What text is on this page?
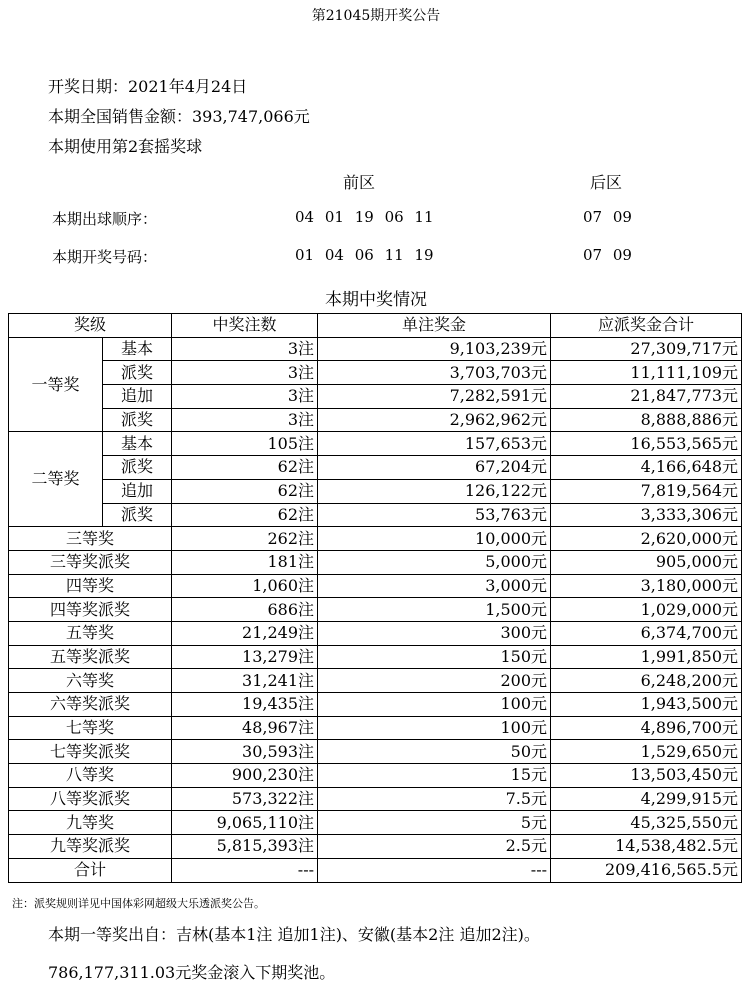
第21045期开奖公告
开奖日期：2021年4月24日
本期全国销售金额：393,747,066元
本期使用第2套摇奖球
前区	后区
本期出球顺序：	04 01 19 06 11	07 09
本期开奖号码：	01 04 06 11 19	07 09
本期中奖情况
奖级		中奖注数	单注奖金	应派奖金合计
一等奖	基本	3注	9,103,239元	27,309,717元
	派奖	3注	3,703,703元	11,111,109元
	追加	3注	7,282,591元	21,847,773元
	派奖	3注	2,962,962元	8,888,886元
二等奖	基本	105注	157,653元	16,553,565元
	派奖	62注	67,204元	4,166,648元
	追加	62注	126,122元	7,819,564元
	派奖	62注	53,763元	3,333,306元
三等奖		262注	10,000元	2,620,000元
三等奖派奖		181注	5,000元	905,000元
四等奖		1,060注	3,000元	3,180,000元
四等奖派奖		686注	1,500元	1,029,000元
五等奖		21,249注	300元	6,374,700元
五等奖派奖		13,279注	150元	1,991,850元
六等奖		31,241注	200元	6,248,200元
六等奖派奖		19,435注	100元	1,943,500元
七等奖		48,967注	100元	4,896,700元
七等奖派奖		30,593注	50元	1,529,650元
八等奖		900,230注	15元	13,503,450元
八等奖派奖		573,322注	7.5元	4,299,915元
九等奖		9,065,110注	5元	45,325,550元
九等奖派奖		5,815,393注	2.5元	14,538,482.5元
合计		---	---	209,416,565.5元
注：派奖规则详见中国体彩网超级大乐透派奖公告。
本期一等奖出自：吉林(基本1注 追加1注)、安徽(基本2注 追加2注)。
786,177,311.03元奖金滚入下期奖池。
